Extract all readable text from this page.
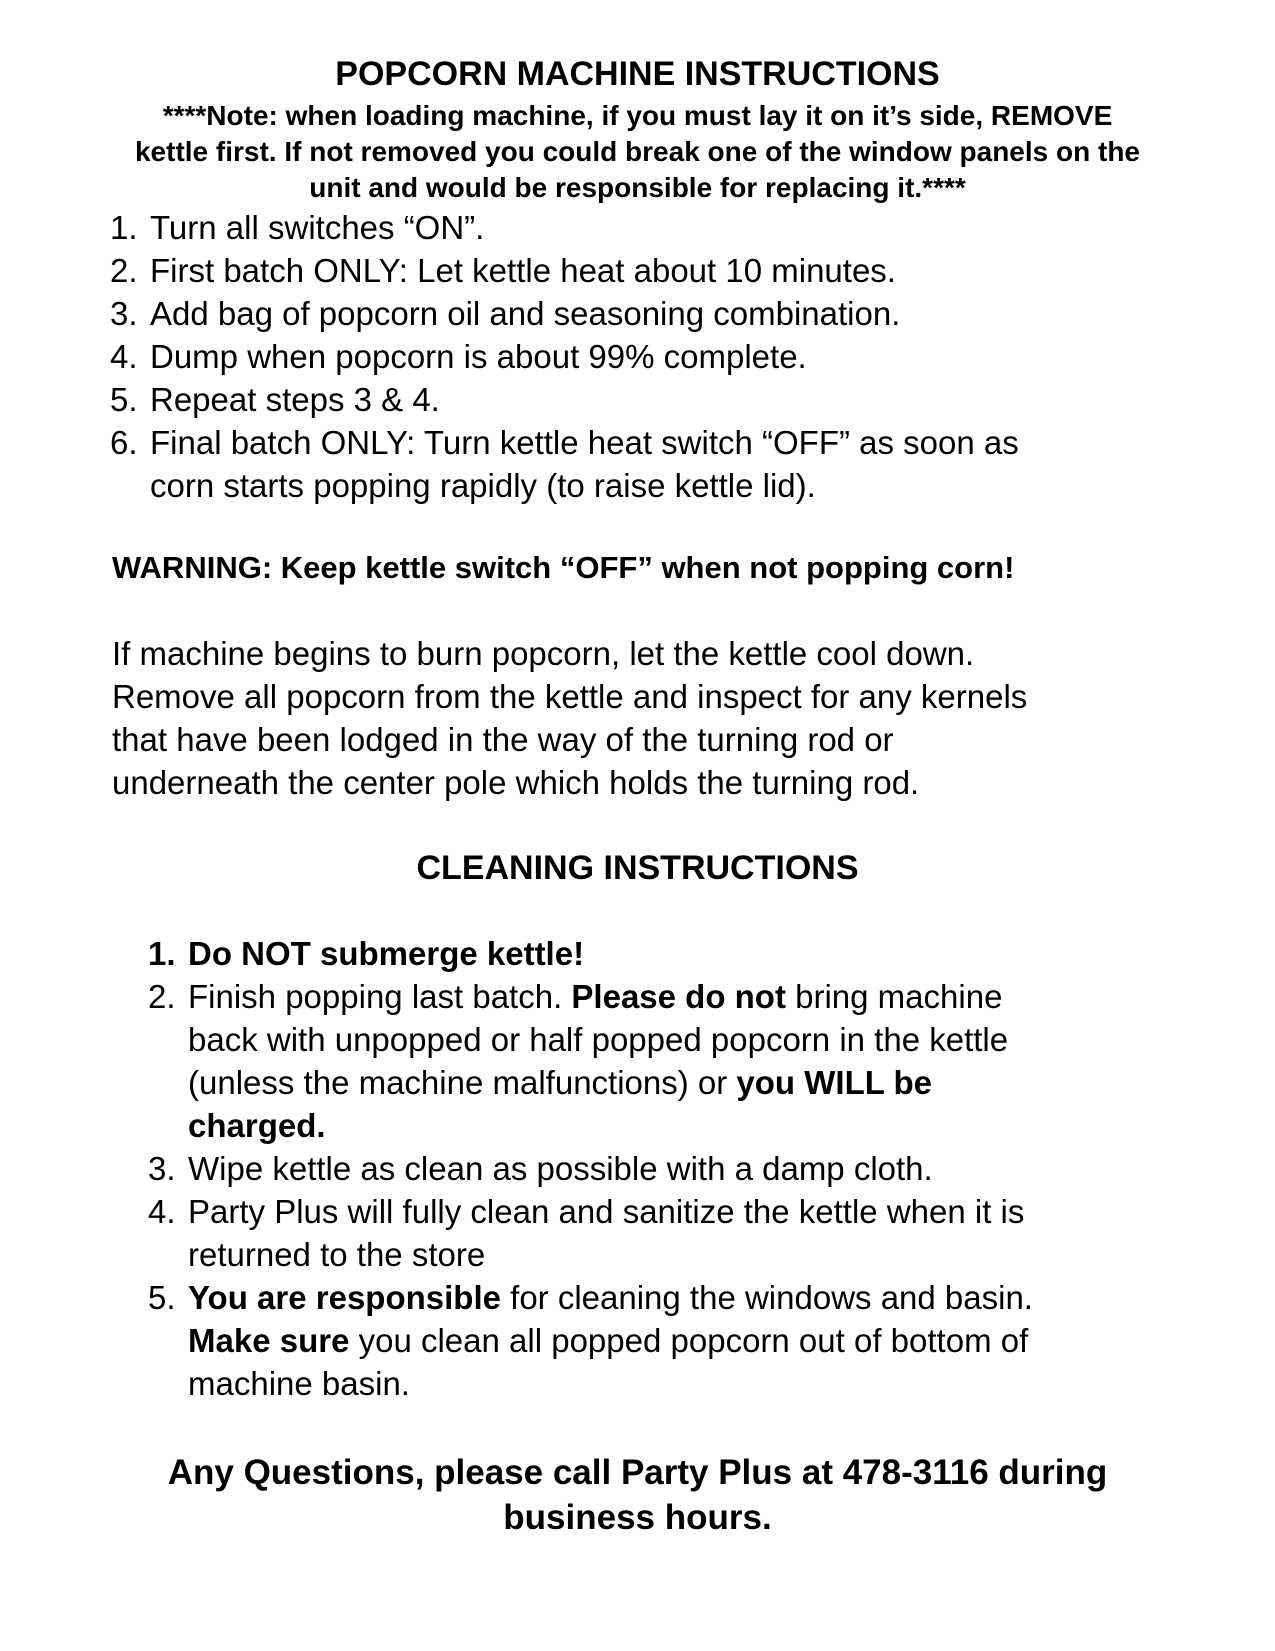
POPCORN MACHINE INSTRUCTIONS
****Note: when loading machine, if you must lay it on it’s side, REMOVE
kettle first. If not removed you could break one of the window panels on the
unit and would be responsible for replacing it.****
1. Turn all switches “ON”.
2. First batch ONLY: Let kettle heat about 10 minutes.
3. Add bag of popcorn oil and seasoning combination.
4. Dump when popcorn is about 99% complete.
5. Repeat steps 3 & 4.
6. Final batch ONLY: Turn kettle heat switch “OFF” as soon as
corn starts popping rapidly (to raise kettle lid).
WARNING: Keep kettle switch “OFF” when not popping corn!
If machine begins to burn popcorn, let the kettle cool down.
Remove all popcorn from the kettle and inspect for any kernels
that have been lodged in the way of the turning rod or
underneath the center pole which holds the turning rod.
CLEANING INSTRUCTIONS
1. Do NOT submerge kettle!
2. Finish popping last batch. Please do not bring machine
back with unpopped or half popped popcorn in the kettle
(unless the machine malfunctions) or you WILL be
charged.
3. Wipe kettle as clean as possible with a damp cloth.
4. Party Plus will fully clean and sanitize the kettle when it is
returned to the store
5. You are responsible for cleaning the windows and basin.
Make sure you clean all popped popcorn out of bottom of
machine basin.
Any Questions, please call Party Plus at 478-3116 during
business hours.
